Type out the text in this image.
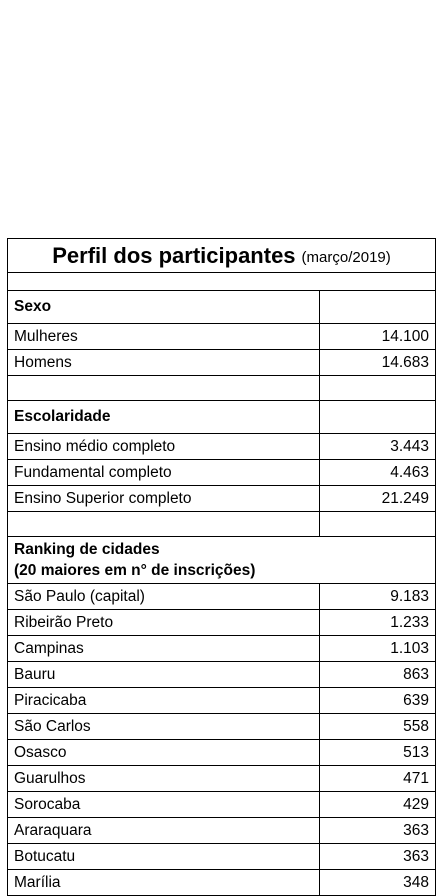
Perfil dos participantes (março/2019)
Sexo
Mulheres	14.100
Homens	14.683
Escolaridade
Ensino médio completo	3.443
Fundamental completo	4.463
Ensino Superior completo	21.249
Ranking de cidades
(20 maiores em n° de inscrições)
São Paulo (capital)	9.183
Ribeirão Preto	1.233
Campinas	1.103
Bauru	863
Piracicaba	639
São Carlos	558
Osasco	513
Guarulhos	471
Sorocaba	429
Araraquara	363
Botucatu	363
Marília	348
